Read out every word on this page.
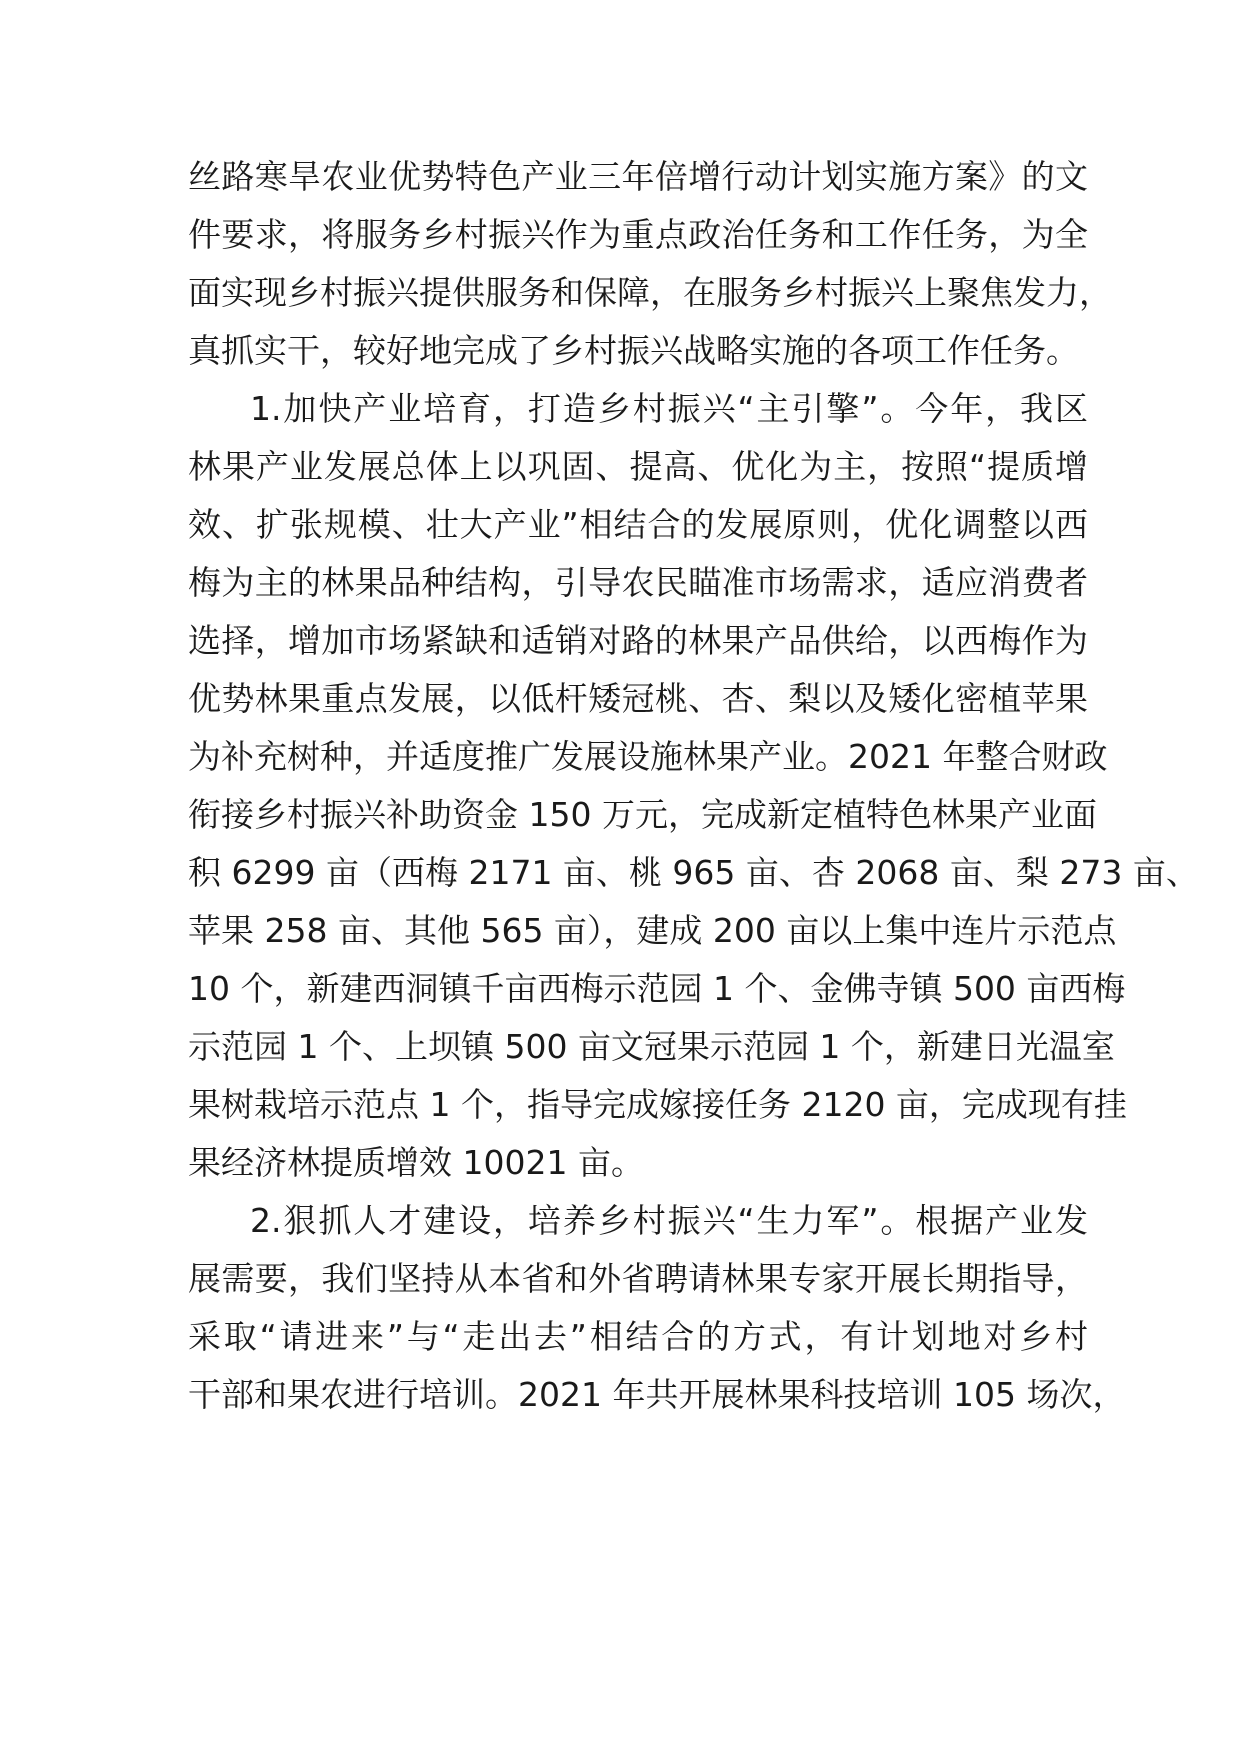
丝路寒旱农业优势特色产业三年倍增行动计划实施方案》的文
件要求，将服务乡村振兴作为重点政治任务和工作任务，为全
面实现乡村振兴提供服务和保障，在服务乡村振兴上聚焦发力，
真抓实干，较好地完成了乡村振兴战略实施的各项工作任务。
1.加快产业培育，打造乡村振兴“主引擎”。今年，我区
林果产业发展总体上以巩固、提高、优化为主，按照“提质增
效、扩张规模、壮大产业”相结合的发展原则，优化调整以西
梅为主的林果品种结构，引导农民瞄准市场需求，适应消费者
选择，增加市场紧缺和适销对路的林果产品供给，以西梅作为
优势林果重点发展，以低杆矮冠桃、杏、梨以及矮化密植苹果
为补充树种，并适度推广发展设施林果产业。2021 年整合财政
衔接乡村振兴补助资金 150 万元，完成新定植特色林果产业面
积 6299 亩（西梅 2171 亩、桃 965 亩、杏 2068 亩、梨 273 亩、
苹果 258 亩、其他 565 亩），建成 200 亩以上集中连片示范点
10 个，新建西洞镇千亩西梅示范园 1 个、金佛寺镇 500 亩西梅
示范园 1 个、上坝镇 500 亩文冠果示范园 1 个，新建日光温室
果树栽培示范点 1 个，指导完成嫁接任务 2120 亩，完成现有挂
果经济林提质增效 10021 亩。
2.狠抓人才建设，培养乡村振兴“生力军”。根据产业发
展需要，我们坚持从本省和外省聘请林果专家开展长期指导，
采取“请进来”与“走出去”相结合的方式，有计划地对乡村
干部和果农进行培训。2021 年共开展林果科技培训 105 场次，
